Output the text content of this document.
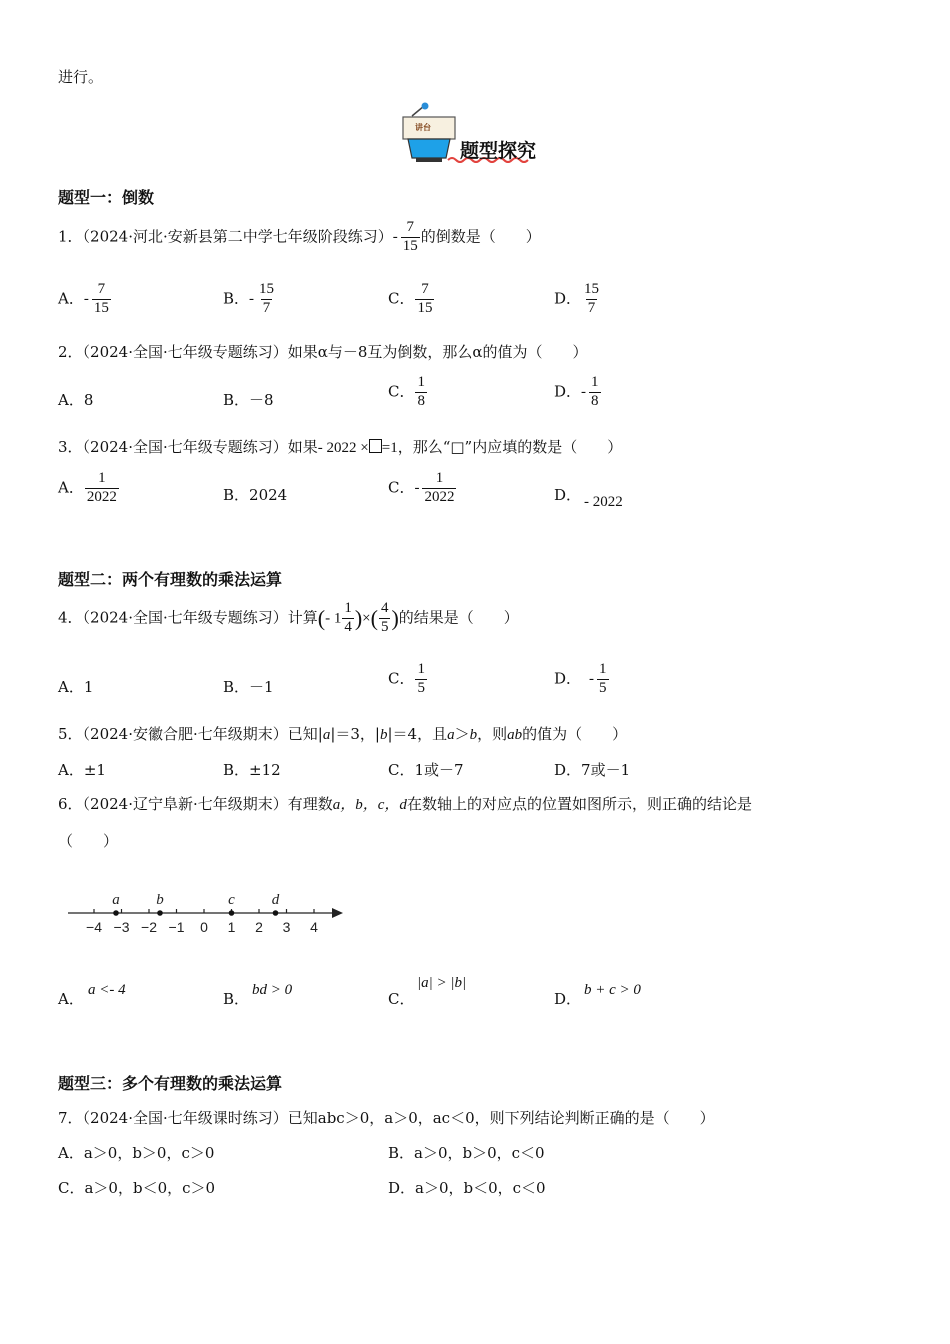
进行。
讲台
题型探究
题型一：倒数
1．（2024·河北·安新县第二中学七年级阶段练习）- $\frac{7}{15}$ 的倒数是（　　）
A．- $\frac{7}{15}$	B．- $\frac{15}{7}$	C． $\frac{7}{15}$	D． $\frac{15}{7}$
2．（2024·全国·七年级专题练习）如果α与－8互为倒数，那么α的值为（　　）
A．8	B．－8	C． $\frac{1}{8}$	D．- $\frac{1}{8}$
3．（2024·全国·七年级专题练习）如果- 2022 × =1，那么“□”内应填的数是（　　）
A． $\frac{1}{2022}$	B．2024	C．- $\frac{1}{2022}$	D． - 2022
题型二：两个有理数的乘法运算
4．（2024·全国·七年级专题练习）计算(- $1 \frac{1}{4}$ )×( $\frac{4}{5}$ )的结果是（　　）
A．1	B．－1	C． $\frac{1}{5}$	D． - $\frac{1}{5}$
5．（2024·安徽合肥·七年级期末）已知|a|＝3，|b|＝4，且a＞b，则ab的值为（　　）
A．±1	B．±12	C．1或－7	D．7或－1
6．（2024·辽宁阜新·七年级期末）有理数a，b，c，d在数轴上的对应点的位置如图所示，则正确的结论是
（　　）
−4 −3 −2 −1 0 1 2 3 4
a b	c d
A． a <- 4	B． bd > 0	C．
|a| > |b|
D． b + c > 0
题型三：多个有理数的乘法运算
7．（2024·全国·七年级课时练习）已知abc＞0，a＞0，ac＜0，则下列结论判断正确的是（　　）
A．a＞0，b＞0，c＞0	B．a＞0，b＞0，c＜0
C．a＞0，b＜0，c＞0	D．a＞0，b＜0，c＜0
